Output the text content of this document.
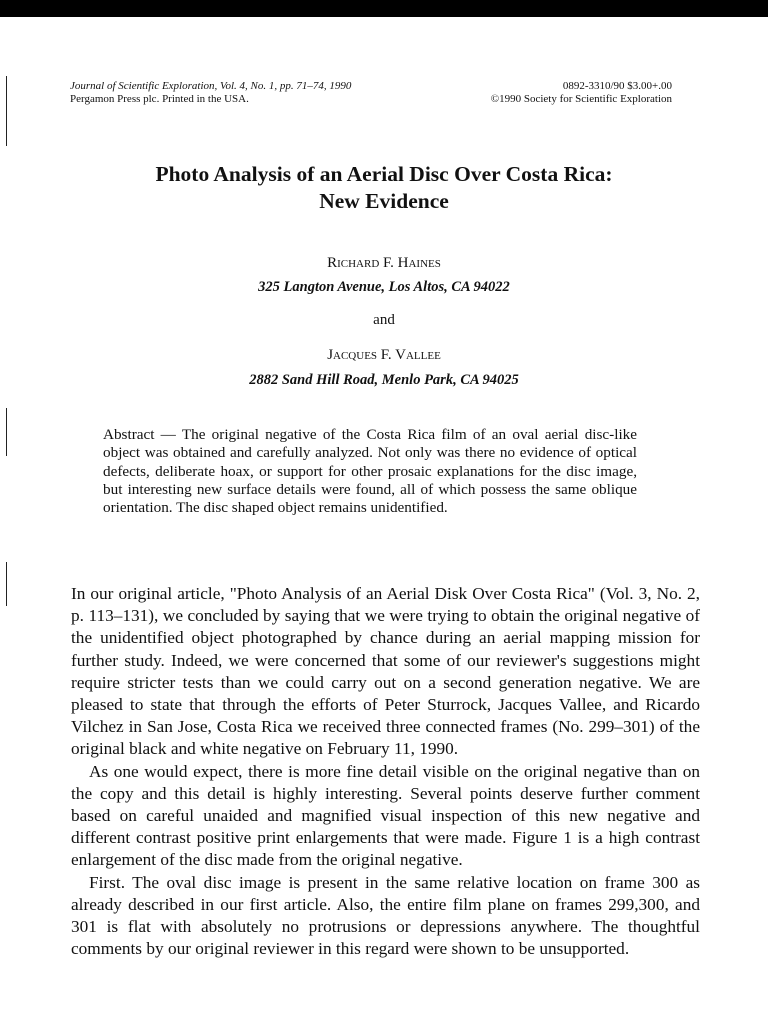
Journal of Scientific Exploration, Vol. 4, No. 1, pp. 71–74, 1990
Pergamon Press plc. Printed in the USA.
0892-3310/90 $3.00+.00
©1990 Society for Scientific Exploration
Photo Analysis of an Aerial Disc Over Costa Rica:
New Evidence
Richard F. Haines
325 Langton Avenue, Los Altos, CA 94022
and
Jacques F. Vallee
2882 Sand Hill Road, Menlo Park, CA 94025
Abstract — The original negative of the Costa Rica film of an oval aerial disc-like object was obtained and carefully analyzed. Not only was there no evidence of optical defects, deliberate hoax, or support for other prosaic explanations for the disc image, but interesting new surface details were found, all of which possess the same oblique orientation. The disc shaped object remains unidentified.

In our original article, "Photo Analysis of an Aerial Disk Over Costa Rica" (Vol. 3, No. 2, p. 113–131), we concluded by saying that we were trying to obtain the original negative of the unidentified object photographed by chance during an aerial mapping mission for further study. Indeed, we were concerned that some of our reviewer's suggestions might require stricter tests than we could carry out on a second generation negative. We are pleased to state that through the efforts of Peter Sturrock, Jacques Vallee, and Ricardo Vilchez in San Jose, Costa Rica we received three connected frames (No. 299–301) of the original black and white negative on February 11, 1990.

As one would expect, there is more fine detail visible on the original negative than on the copy and this detail is highly interesting. Several points deserve further comment based on careful unaided and magnified visual inspection of this new negative and different contrast positive print enlargements that were made. Figure 1 is a high contrast enlargement of the disc made from the original negative.

First. The oval disc image is present in the same relative location on frame 300 as already described in our first article. Also, the entire film plane on frames 299,300, and 301 is flat with absolutely no protrusions or depressions anywhere. The thoughtful comments by our original reviewer in this regard were shown to be unsupported.
